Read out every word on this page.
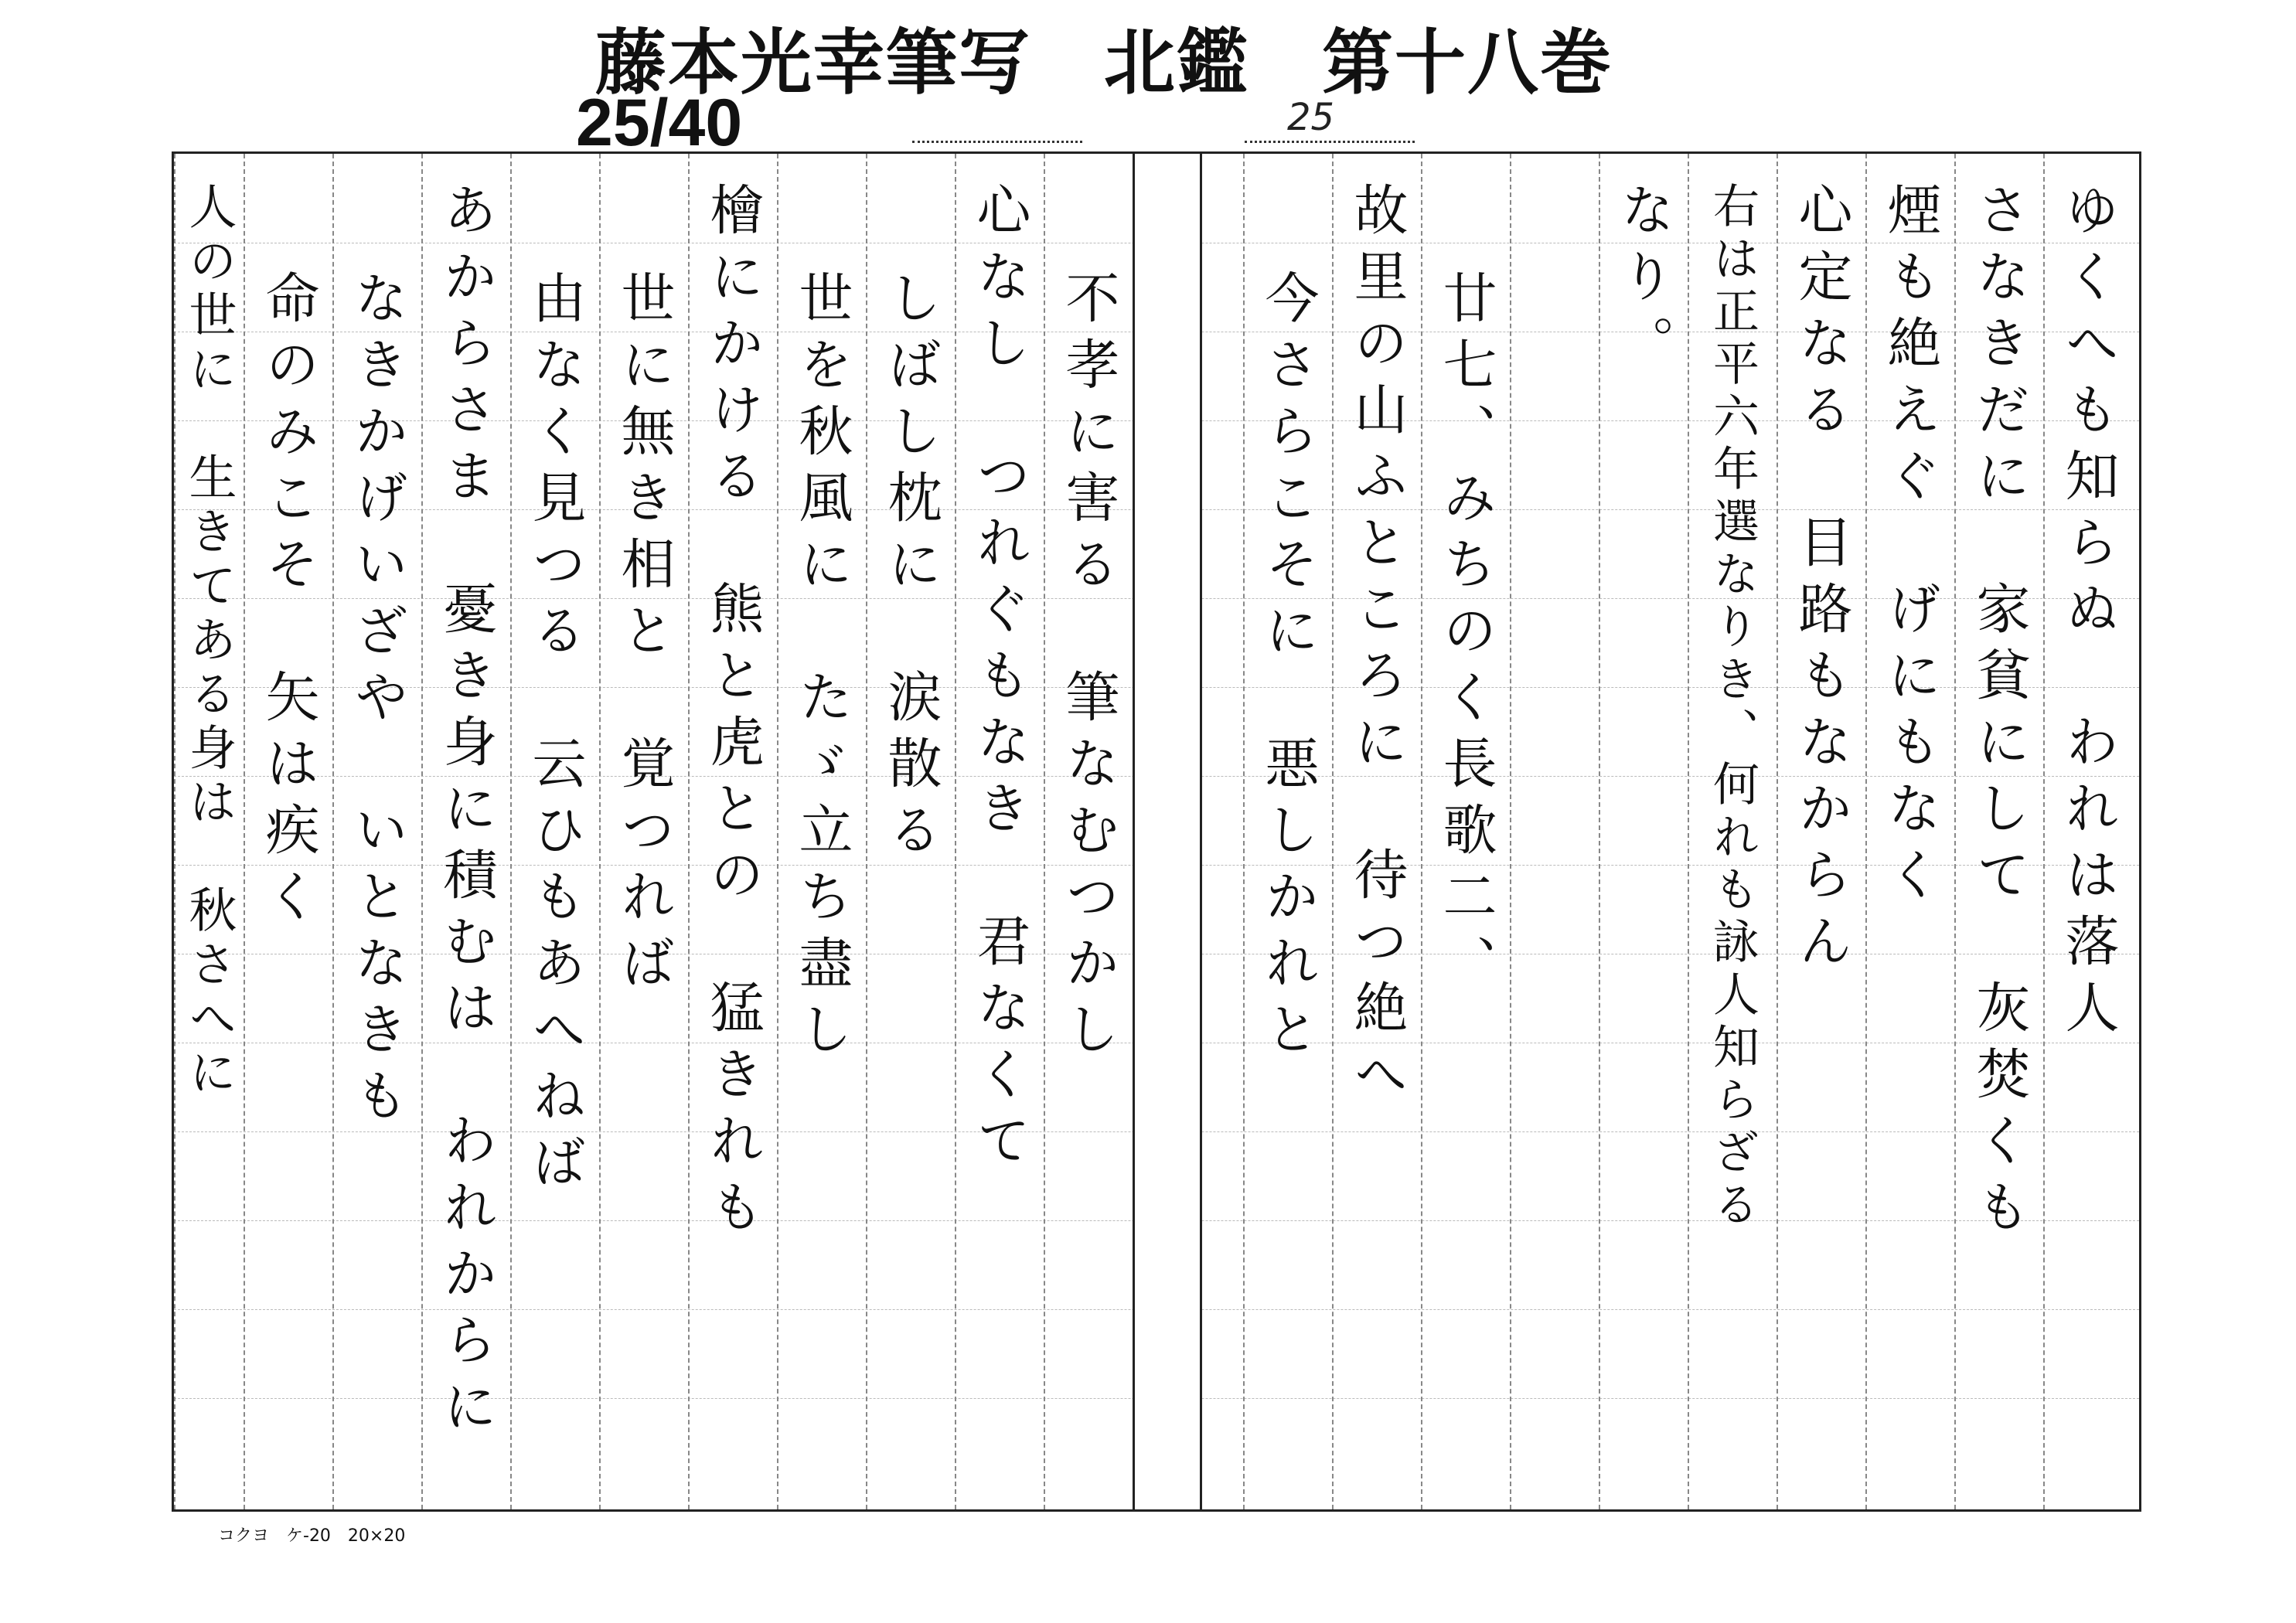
藤本光幸筆写　北鑑　第十八巻
25/40	25
ゆくへも知らぬ　われは落人
さなきだに　家貧にして　灰焚くも
煙も絶えぐ　げにもなく
心定なる　目路もなからん
右は正平六年選なりき、何れも詠人知らざる
なり。
廿七、みちのく長歌二、
故里の山ふところに　待つ絶へ
今さらこそに　悪しかれと
不孝に害る　筆なむつかし
心なし　つれぐもなき　君なくて
しばし枕に　涙散る
世を秋風に　たゞ立ち盡し
檜にかける　熊と虎との　猛きれも
世に無き相と　覚つれば
由なく見つる　云ひもあへねば
あからさま　憂き身に積むは　われからに
なきかげいざや　いとなきも
命のみこそ　矢は疾く
人の世に　生きてある身は　秋さへに
コクヨ　ケ-20　20×20
